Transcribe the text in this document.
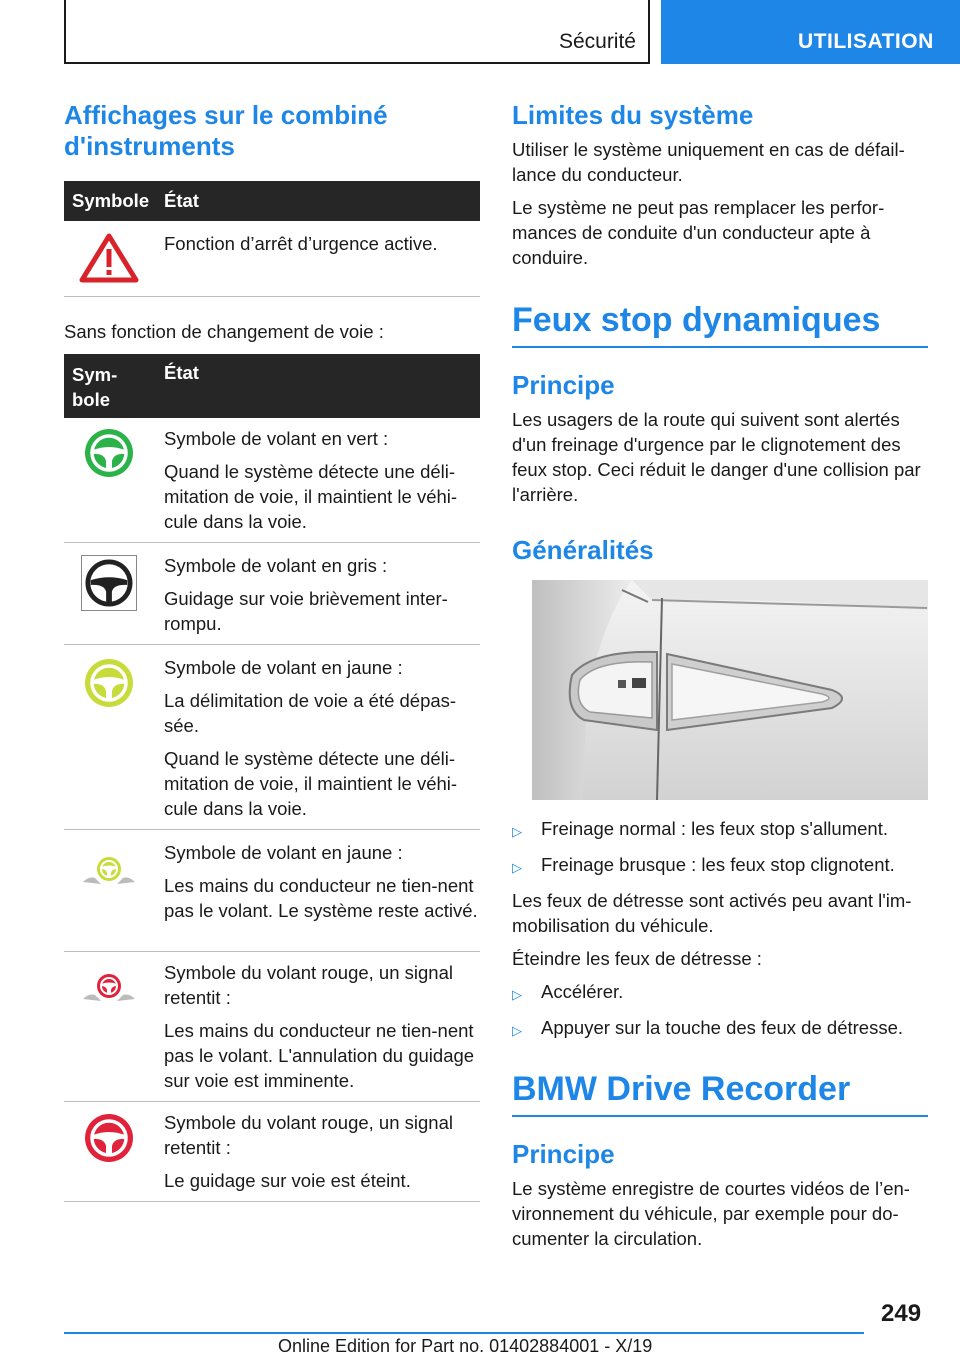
Sécurité	UTILISATION
Affichages sur le combiné d'instruments
Symbole	État

Fonction d’arrêt d’urgence active.
Sans fonction de changement de voie :
Sym-
bole	État

Symbole de volant en vert :
Quand le système détecte une déli-mitation de voie, il maintient le véhi-cule dans la voie.

Symbole de volant en gris :
Guidage sur voie brièvement inter-rompu.

Symbole de volant en jaune :
La délimitation de voie a été dépas-sée.
Quand le système détecte une déli-mitation de voie, il maintient le véhi-cule dans la voie.

Symbole de volant en jaune :
Les mains du conducteur ne tien-nent pas le volant. Le système reste activé.

Symbole du volant rouge, un signal retentit :
Les mains du conducteur ne tien-nent pas le volant. L'annulation du guidage sur voie est imminente.

Symbole du volant rouge, un signal retentit :
Le guidage sur voie est éteint.
Limites du système
Utiliser le système uniquement en cas de défail-lance du conducteur.
Le système ne peut pas remplacer les perfor-mances de conduite d'un conducteur apte à conduire.
Feux stop dynamiques
Principe
Les usagers de la route qui suivent sont alertés d'un freinage d'urgence par le clignotement des feux stop. Ceci réduit le danger d'une collision par l'arrière.
Généralités
▷	Freinage normal : les feux stop s'allument.
▷	Freinage brusque : les feux stop clignotent.
Les feux de détresse sont activés peu avant l'im-mobilisation du véhicule.
Éteindre les feux de détresse :
▷	Accélérer.
▷	Appuyer sur la touche des feux de détresse.
BMW Drive Recorder
Principe
Le système enregistre de courtes vidéos de l’en-vironnement du véhicule, par exemple pour do-cumenter la circulation.
249
Online Edition for Part no. 01402884001 - X/19
